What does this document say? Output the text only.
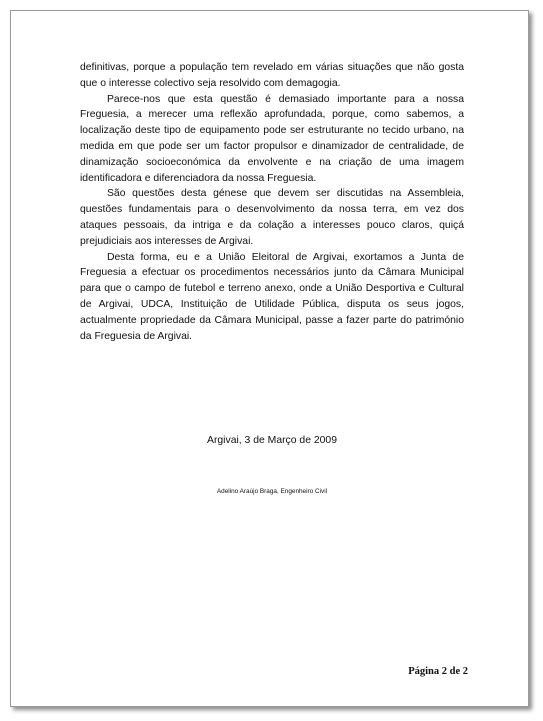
definitivas, porque a população tem revelado em várias situações que não gosta que o interesse colectivo seja resolvido com demagogia.

Parece-nos que esta questão é demasiado importante para a nossa Freguesia, a merecer uma reflexão aprofundada, porque, como sabemos, a localização deste tipo de equipamento pode ser estruturante no tecido urbano, na medida em que pode ser um factor propulsor e dinamizador de centralidade, de dinamização socioeconómica da envolvente e na criação de uma imagem identificadora e diferenciadora da nossa Freguesia.

São questões desta génese que devem ser discutidas na Assembleia, questões fundamentais para o desenvolvimento da nossa terra, em vez dos ataques pessoais, da intriga e da colação a interesses pouco claros, quiçá prejudiciais aos interesses de Argivai.

Desta forma, eu e a União Eleitoral de Argivai, exortamos a Junta de Freguesia a efectuar os procedimentos necessários junto da Câmara Municipal para que o campo de futebol e terreno anexo, onde a União Desportiva e Cultural de Argivai, UDCA, Instituição de Utilidade Pública, disputa os seus jogos, actualmente propriedade da Câmara Municipal, passe a fazer parte do património da Freguesia de Argivai.

Argivai, 3 de Março de 2009
Adelino Araújo Braga, Engenheiro Civil
Página 2 de 2
